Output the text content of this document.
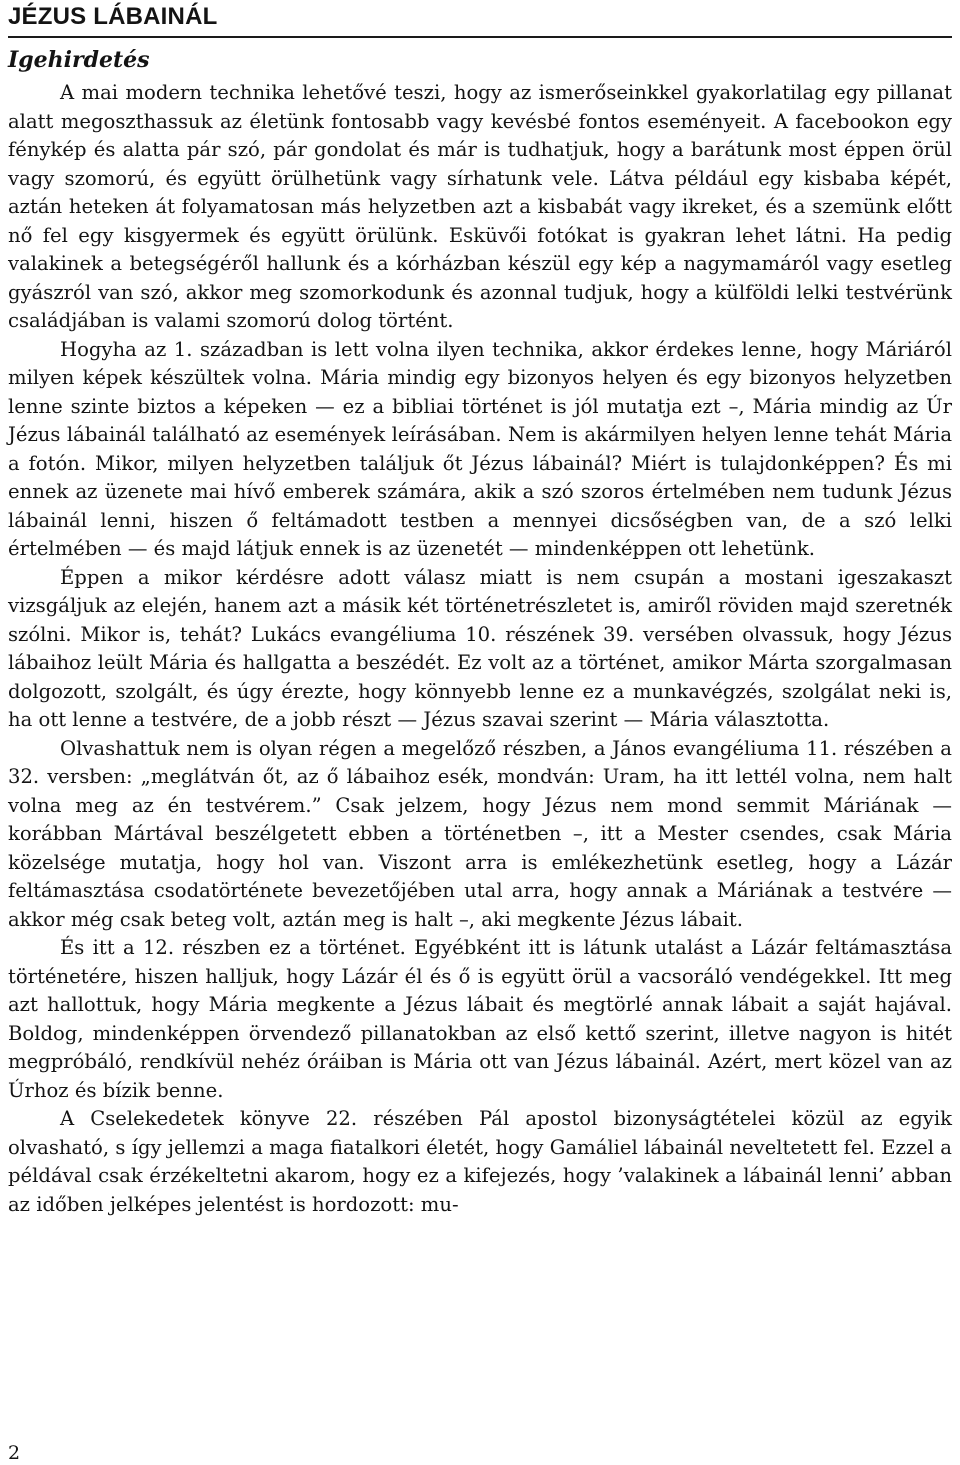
JÉZUS LÁBAINÁL
Igehirdetés

A mai modern technika lehetővé teszi, hogy az ismerőseinkkel gyakorlatilag egy pillanat alatt megoszthassuk az életünk fontosabb vagy kevésbé fontos eseményeit. A facebookon egy fénykép és alatta pár szó, pár gondolat és már is tudhatjuk, hogy a barátunk most éppen örül vagy szomorú, és együtt örülhetünk vagy sírhatunk vele. Látva például egy kisbaba képét, aztán heteken át folyamatosan más helyzetben azt a kisbabát vagy ikreket, és a szemünk előtt nő fel egy kisgyermek és együtt örülünk. Esküvői fotókat is gyakran lehet látni. Ha pedig valakinek a betegségéről hallunk és a kórházban készül egy kép a nagymamáról vagy esetleg gyászról van szó, akkor meg szomorkodunk és azonnal tudjuk, hogy a külföldi lelki testvérünk családjában is valami szomorú dolog történt.

Hogyha az 1. században is lett volna ilyen technika, akkor érdekes lenne, hogy Máriáról milyen képek készültek volna. Mária mindig egy bizonyos helyen és egy bizonyos helyzetben lenne szinte biztos a képeken — ez a bibliai történet is jól mutatja ezt –, Mária mindig az Úr Jézus lábainál található az események leírásában. Nem is akármilyen helyen lenne tehát Mária a fotón. Mikor, milyen helyzetben találjuk őt Jézus lábainál? Miért is tulajdonképpen? És mi ennek az üzenete mai hívő emberek számára, akik a szó szoros értelmében nem tudunk Jézus lábainál lenni, hiszen ő feltámadott testben a mennyei dicsőségben van, de a szó lelki értelmében — és majd látjuk ennek is az üzenetét — mindenképpen ott lehetünk.

Éppen a mikor kérdésre adott válasz miatt is nem csupán a mostani igeszakaszt vizsgáljuk az elején, hanem azt a másik két történetrészletet is, amiről röviden majd szeretnék szólni. Mikor is, tehát? Lukács evangéliuma 10. részének 39. versében olvassuk, hogy Jézus lábaihoz leült Mária és hallgatta a beszédét. Ez volt az a történet, amikor Márta szorgalmasan dolgozott, szolgált, és úgy érezte, hogy könnyebb lenne ez a munkavégzés, szolgálat neki is, ha ott lenne a testvére, de a jobb részt — Jézus szavai szerint — Mária választotta.

Olvashattuk nem is olyan régen a megelőző részben, a János evangéliuma 11. részében a 32. versben: „meglátván őt, az ő lábaihoz esék, mondván: Uram, ha itt lettél volna, nem halt volna meg az én testvérem.” Csak jelzem, hogy Jézus nem mond semmit Máriának — korábban Mártával beszélgetett ebben a történetben –, itt a Mester csendes, csak Mária közelsége mutatja, hogy hol van. Viszont arra is emlékezhetünk esetleg, hogy a Lázár feltámasztása csodatörténete bevezetőjében utal arra, hogy annak a Máriának a testvére — akkor még csak beteg volt, aztán meg is halt –, aki megkente Jézus lábait.

És itt a 12. részben ez a történet. Egyébként itt is látunk utalást a Lázár feltámasztása történetére, hiszen halljuk, hogy Lázár él és ő is együtt örül a vacsoráló vendégekkel. Itt meg azt hallottuk, hogy Mária megkente a Jézus lábait és megtörlé annak lábait a saját hajával. Boldog, mindenképpen örvendező pillanatokban az első kettő szerint, illetve nagyon is hitét megpróbáló, rendkívül nehéz óráiban is Mária ott van Jézus lábainál. Azért, mert közel van az Úrhoz és bízik benne.

A Cselekedetek könyve 22. részében Pál apostol bizonyságtételei közül az egyik olvasható, s így jellemzi a maga fiatalkori életét, hogy Gamáliel lábainál neveltetett fel. Ezzel a példával csak érzékeltetni akarom, hogy ez a kifejezés, hogy ’valakinek a lábainál lenni’ abban az időben jelképes jelentést is hordozott: mu-

2
